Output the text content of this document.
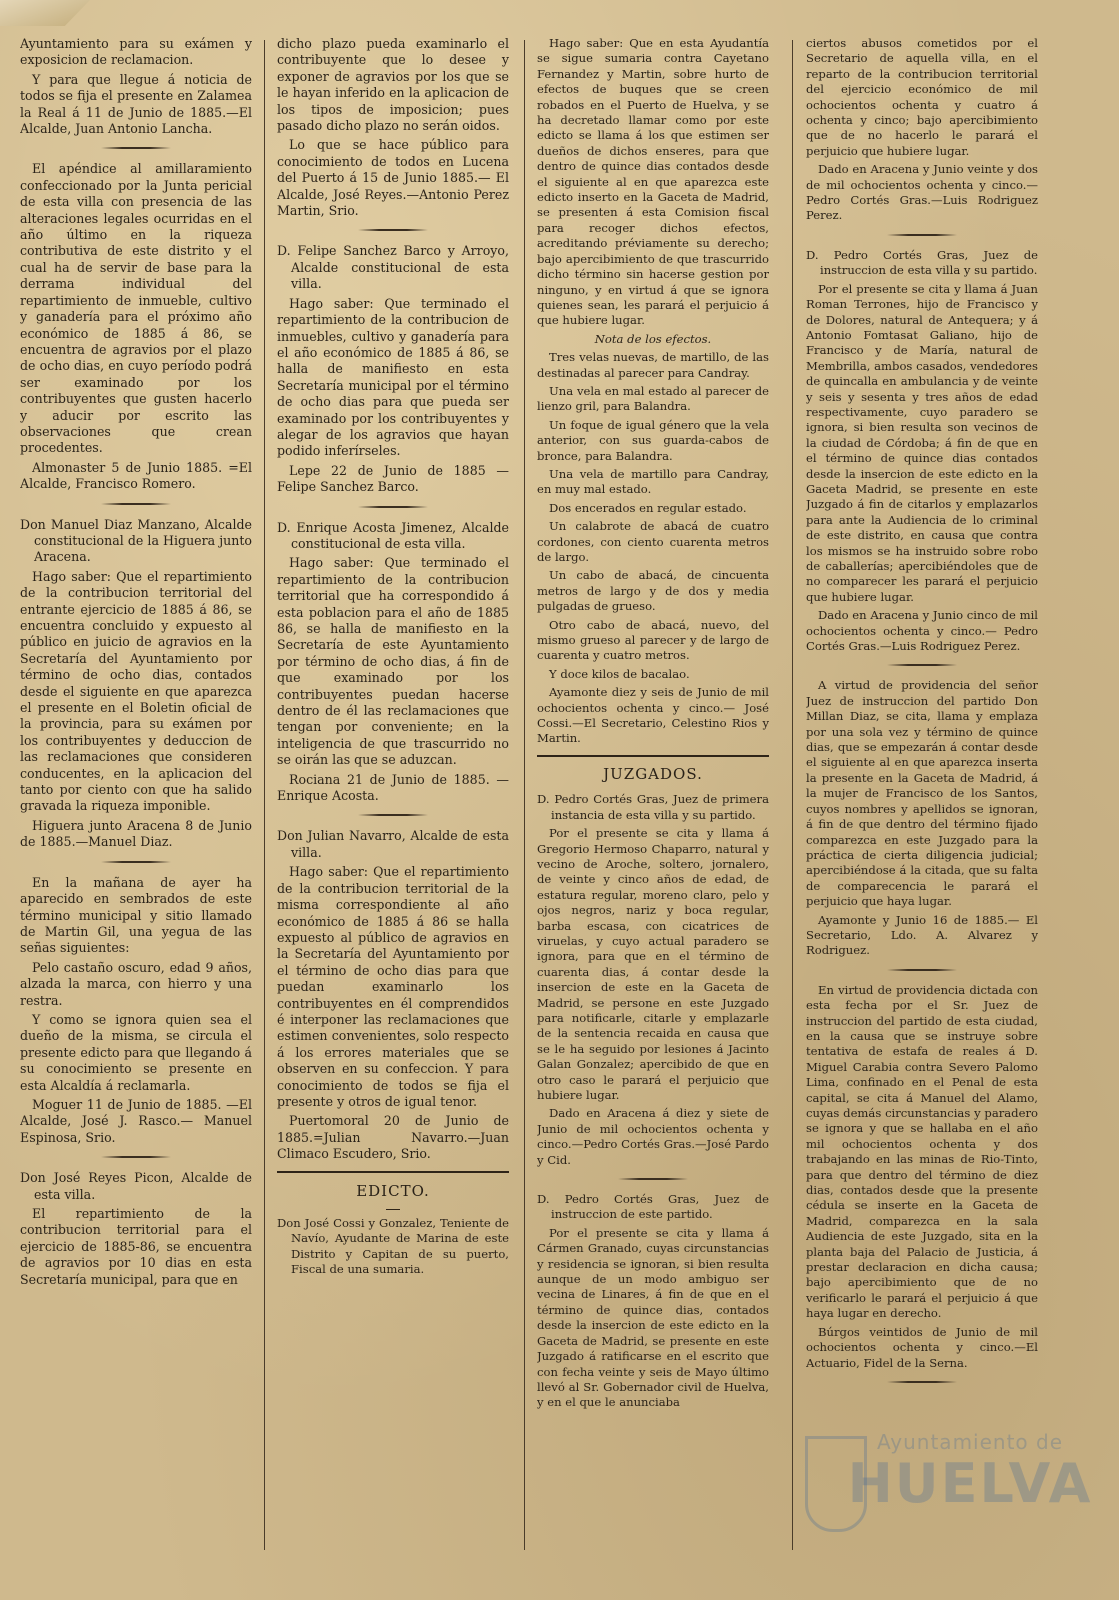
Ayuntamiento para su exámen y exposicion de reclamacion.

Y para que llegue á noticia de todos se fija el presente en Zalamea la Real á 11 de Junio de 1885.—El Alcalde, Juan Antonio Lancha.

El apéndice al amillaramiento confeccionado por la Junta pericial de esta villa con presencia de las alteraciones legales ocurridas en el año último en la riqueza contributiva de este distrito y el cual ha de servir de base para la derrama individual del repartimiento de inmueble, cultivo y ganadería para el próximo año económico de 1885 á 86, se encuentra de agravios por el plazo de ocho dias, en cuyo período podrá ser examinado por los contribuyentes que gusten hacerlo y aducir por escrito las observaciones que crean procedentes.

Almonaster 5 de Junio 1885. =El Alcalde, Francisco Romero.

Don Manuel Diaz Manzano, Alcalde constitucional de la Higuera junto Aracena.

Hago saber: Que el repartimiento de la contribucion territorial del entrante ejercicio de 1885 á 86, se encuentra concluido y expuesto al público en juicio de agravios en la Secretaría del Ayuntamiento por término de ocho dias, contados desde el siguiente en que aparezca el presente en el Boletin oficial de la provincia, para su exámen por los contribuyentes y deduccion de las reclamaciones que consideren conducentes, en la aplicacion del tanto por ciento con que ha salido gravada la riqueza imponible.

Higuera junto Aracena 8 de Junio de 1885.—Manuel Diaz.

En la mañana de ayer ha aparecido en sembrados de este término municipal y sitio llamado de Martin Gil, una yegua de las señas siguientes:

Pelo castaño oscuro, edad 9 años, alzada la marca, con hierro y una restra.

Y como se ignora quien sea el dueño de la misma, se circula el presente edicto para que llegando á su conocimiento se presente en esta Alcaldía á reclamarla.

Moguer 11 de Junio de 1885. —El Alcalde, José J. Rasco.— Manuel Espinosa, Srio.

Don José Reyes Picon, Alcalde de esta villa.

El repartimiento de la contribucion territorial para el ejercicio de 1885-86, se encuentra de agravios por 10 dias en esta Secretaría municipal, para que en

dicho plazo pueda examinarlo el contribuyente que lo desee y exponer de agravios por los que se le hayan inferido en la aplicacion de los tipos de imposicion; pues pasado dicho plazo no serán oidos.

Lo que se hace público para conocimiento de todos en Lucena del Puerto á 15 de Junio 1885.— El Alcalde, José Reyes.—Antonio Perez Martin, Srio.

D. Felipe Sanchez Barco y Arroyo, Alcalde constitucional de esta villa.

Hago saber: Que terminado el repartimiento de la contribucion de inmuebles, cultivo y ganadería para el año económico de 1885 á 86, se halla de manifiesto en esta Secretaría municipal por el término de ocho dias para que pueda ser examinado por los contribuyentes y alegar de los agravios que hayan podido inferírseles.

Lepe 22 de Junio de 1885 — Felipe Sanchez Barco.

D. Enrique Acosta Jimenez, Alcalde constitucional de esta villa.

Hago saber: Que terminado el repartimiento de la contribucion territorial que ha correspondido á esta poblacion para el año de 1885 86, se halla de manifiesto en la Secretaría de este Ayuntamiento por término de ocho dias, á fin de que examinado por los contribuyentes puedan hacerse dentro de él las reclamaciones que tengan por conveniente; en la inteligencia de que trascurrido no se oirán las que se aduzcan.

Rociana 21 de Junio de 1885. —Enrique Acosta.

Don Julian Navarro, Alcalde de esta villa.

Hago saber: Que el repartimiento de la contribucion territorial de la misma correspondiente al año económico de 1885 á 86 se halla expuesto al público de agravios en la Secretaría del Ayuntamiento por el término de ocho dias para que puedan examinarlo los contribuyentes en él comprendidos é interponer las reclamaciones que estimen convenientes, solo respecto á los errores materiales que se observen en su confeccion. Y para conocimiento de todos se fija el presente y otros de igual tenor.

Puertomoral 20 de Junio de 1885.=Julian Navarro.—Juan Climaco Escudero, Srio.

EDICTO.

Don José Cossi y Gonzalez, Teniente de Navío, Ayudante de Marina de este Distrito y Capitan de su puerto, Fiscal de una sumaria.

Hago saber: Que en esta Ayudantía se sigue sumaria contra Cayetano Fernandez y Martin, sobre hurto de efectos de buques que se creen robados en el Puerto de Huelva, y se ha decretado llamar como por este edicto se llama á los que estimen ser dueños de dichos enseres, para que dentro de quince dias contados desde el siguiente al en que aparezca este edicto inserto en la Gaceta de Madrid, se presenten á esta Comision fiscal para recoger dichos efectos, acreditando préviamente su derecho; bajo apercibimiento de que trascurrido dicho término sin hacerse gestion por ninguno, y en virtud á que se ignora quienes sean, les parará el perjuicio á que hubiere lugar.

Nota de los efectos.

Tres velas nuevas, de martillo, de las destinadas al parecer para Candray.

Una vela en mal estado al parecer de lienzo gril, para Balandra.

Un foque de igual género que la vela anterior, con sus guarda-cabos de bronce, para Balandra.

Una vela de martillo para Candray, en muy mal estado.

Dos encerados en regular estado.

Un calabrote de abacá de cuatro cordones, con ciento cuarenta metros de largo.

Un cabo de abacá, de cincuenta metros de largo y de dos y media pulgadas de grueso.

Otro cabo de abacá, nuevo, del mismo grueso al parecer y de largo de cuarenta y cuatro metros.

Y doce kilos de bacalao.

Ayamonte diez y seis de Junio de mil ochocientos ochenta y cinco.— José Cossi.—El Secretario, Celestino Rios y Martin.

JUZGADOS.

D. Pedro Cortés Gras, Juez de primera instancia de esta villa y su partido.

Por el presente se cita y llama á Gregorio Hermoso Chaparro, natural y vecino de Aroche, soltero, jornalero, de veinte y cinco años de edad, de estatura regular, moreno claro, pelo y ojos negros, nariz y boca regular, barba escasa, con cicatrices de viruelas, y cuyo actual paradero se ignora, para que en el término de cuarenta dias, á contar desde la insercion de este en la Gaceta de Madrid, se persone en este Juzgado para notificarle, citarle y emplazarle de la sentencia recaida en causa que se le ha seguido por lesiones á Jacinto Galan Gonzalez; apercibido de que en otro caso le parará el perjuicio que hubiere lugar.

Dado en Aracena á diez y siete de Junio de mil ochocientos ochenta y cinco.—Pedro Cortés Gras.—José Pardo y Cid.

D. Pedro Cortés Gras, Juez de instruccion de este partido.

Por el presente se cita y llama á Cármen Granado, cuyas circunstancias y residencia se ignoran, si bien resulta aunque de un modo ambiguo ser vecina de Linares, á fin de que en el término de quince dias, contados desde la insercion de este edicto en la Gaceta de Madrid, se presente en este Juzgado á ratificarse en el escrito que con fecha veinte y seis de Mayo último llevó al Sr. Gobernador civil de Huelva, y en el que le anunciaba

ciertos abusos cometidos por el Secretario de aquella villa, en el reparto de la contribucion territorial del ejercicio económico de mil ochocientos ochenta y cuatro á ochenta y cinco; bajo apercibimiento que de no hacerlo le parará el perjuicio que hubiere lugar.

Dado en Aracena y Junio veinte y dos de mil ochocientos ochenta y cinco.—Pedro Cortés Gras.—Luis Rodriguez Perez.

D. Pedro Cortés Gras, Juez de instruccion de esta villa y su partido.

Por el presente se cita y llama á Juan Roman Terrones, hijo de Francisco y de Dolores, natural de Antequera; y á Antonio Fomtasat Galiano, hijo de Francisco y de María, natural de Membrilla, ambos casados, vendedores de quincalla en ambulancia y de veinte y seis y sesenta y tres años de edad respectivamente, cuyo paradero se ignora, si bien resulta son vecinos de la ciudad de Córdoba; á fin de que en el término de quince dias contados desde la insercion de este edicto en la Gaceta Madrid, se presente en este Juzgado á fin de citarlos y emplazarlos para ante la Audiencia de lo criminal de este distrito, en causa que contra los mismos se ha instruido sobre robo de caballerías; apercibiéndoles que de no comparecer les parará el perjuicio que hubiere lugar.

Dado en Aracena y Junio cinco de mil ochocientos ochenta y cinco.— Pedro Cortés Gras.—Luis Rodriguez Perez.

A virtud de providencia del señor Juez de instruccion del partido Don Millan Diaz, se cita, llama y emplaza por una sola vez y término de quince dias, que se empezarán á contar desde el siguiente al en que aparezca inserta la presente en la Gaceta de Madrid, á la mujer de Francisco de los Santos, cuyos nombres y apellidos se ignoran, á fin de que dentro del término fijado comparezca en este Juzgado para la práctica de cierta diligencia judicial; apercibiéndose á la citada, que su falta de comparecencia le parará el perjuicio que haya lugar.

Ayamonte y Junio 16 de 1885.— El Secretario, Ldo. A. Alvarez y Rodriguez.

En virtud de providencia dictada con esta fecha por el Sr. Juez de instruccion del partido de esta ciudad, en la causa que se instruye sobre tentativa de estafa de reales á D. Miguel Carabia contra Severo Palomo Lima, confinado en el Penal de esta capital, se cita á Manuel del Alamo, cuyas demás circunstancias y paradero se ignora y que se hallaba en el año mil ochocientos ochenta y dos trabajando en las minas de Rio-Tinto, para que dentro del término de diez dias, contados desde que la presente cédula se inserte en la Gaceta de Madrid, comparezca en la sala Audiencia de este Juzgado, sita en la planta baja del Palacio de Justicia, á prestar declaracion en dicha causa; bajo apercibimiento que de no verificarlo le parará el perjuicio á que haya lugar en derecho.

Búrgos veintidos de Junio de mil ochocientos ochenta y cinco.—El Actuario, Fidel de la Serna.

Ayuntamiento de
HUELVA
